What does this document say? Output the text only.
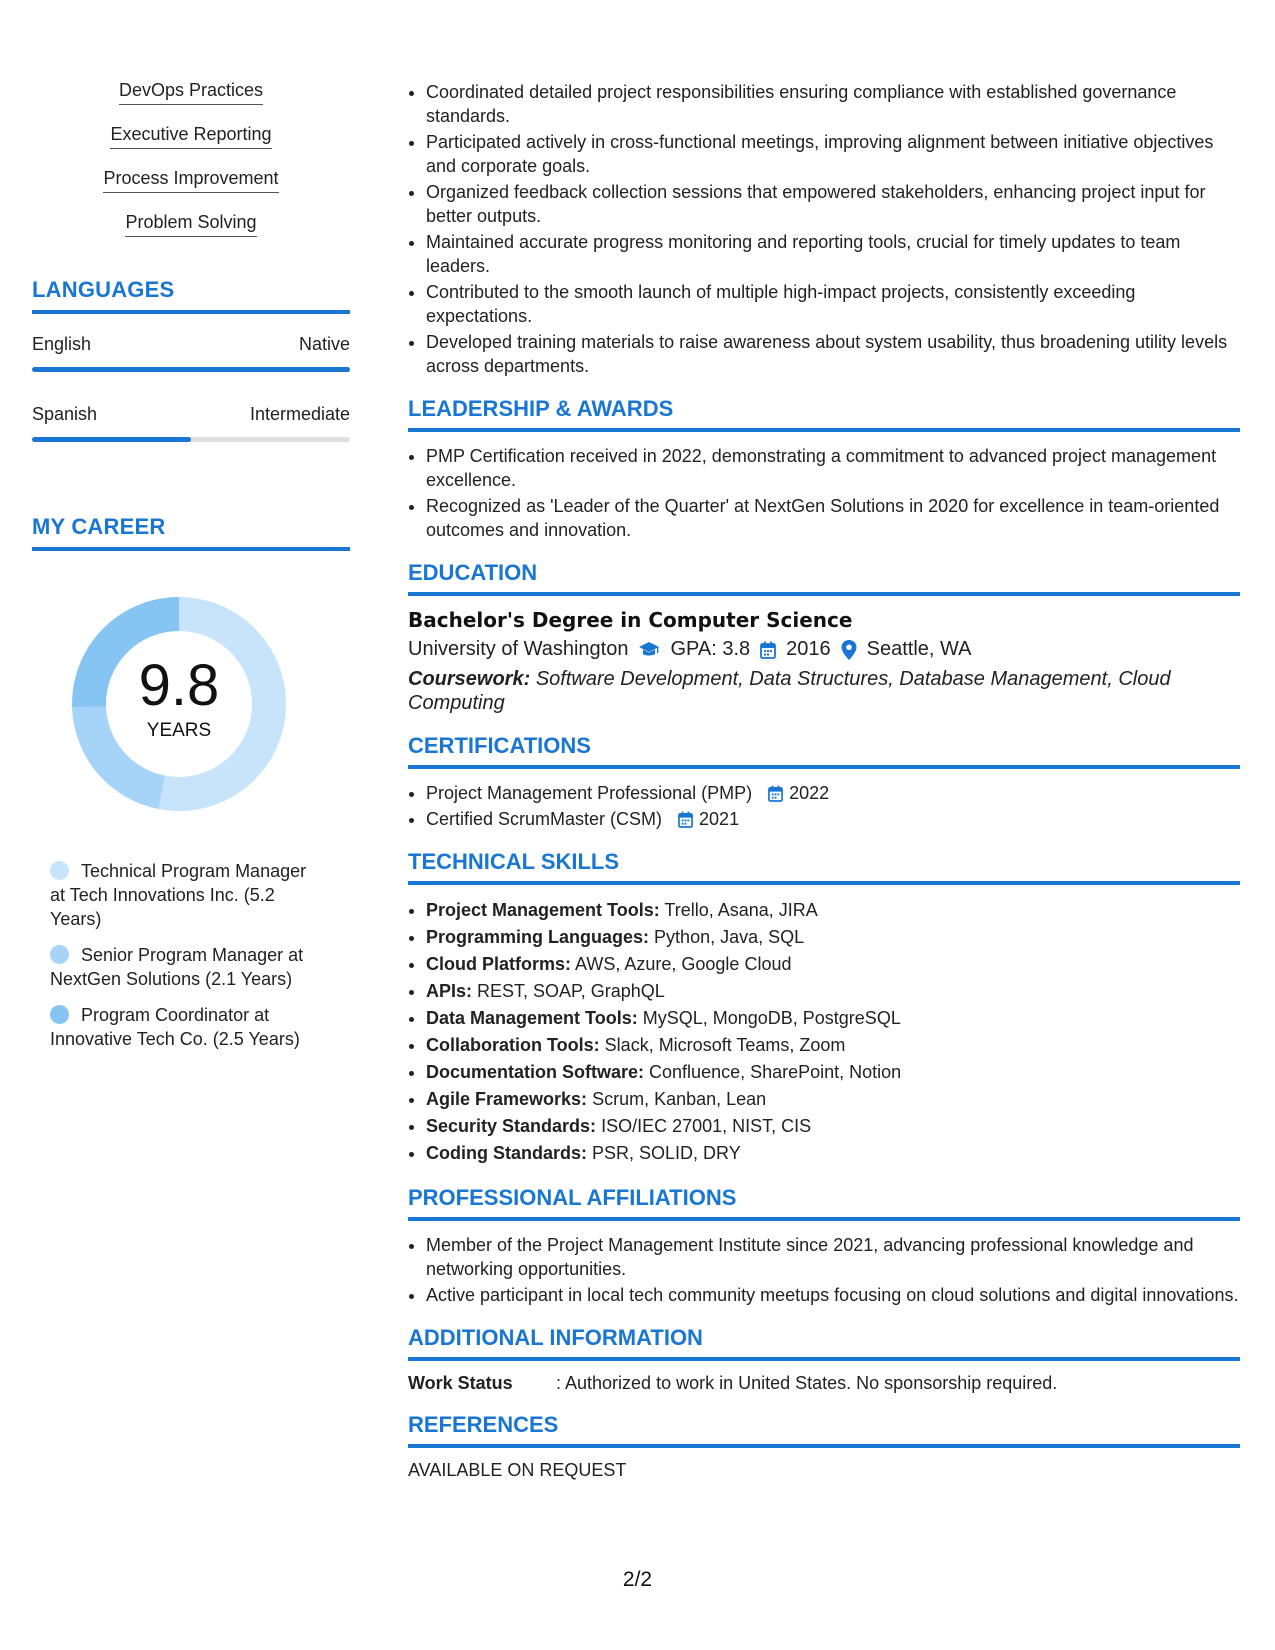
DevOps Practices
Executive Reporting
Process Improvement
Problem Solving
LANGUAGES
English	Native
Spanish	Intermediate
MY CAREER
9.8
YEARS
Technical Program Manager at Tech Innovations Inc. (5.2 Years)
Senior Program Manager at NextGen Solutions (2.1 Years)
Program Coordinator at Innovative Tech Co. (2.5 Years)
• Coordinated detailed project responsibilities ensuring compliance with established governance standards.
• Participated actively in cross-functional meetings, improving alignment between initiative objectives and corporate goals.
• Organized feedback collection sessions that empowered stakeholders, enhancing project input for better outputs.
• Maintained accurate progress monitoring and reporting tools, crucial for timely updates to team leaders.
• Contributed to the smooth launch of multiple high-impact projects, consistently exceeding expectations.
• Developed training materials to raise awareness about system usability, thus broadening utility levels across departments.
LEADERSHIP & AWARDS
• PMP Certification received in 2022, demonstrating a commitment to advanced project management excellence.
• Recognized as 'Leader of the Quarter' at NextGen Solutions in 2020 for excellence in team-oriented outcomes and innovation.
EDUCATION
Bachelor's Degree in Computer Science
University of Washington GPA: 3.8 2016 Seattle, WA
Coursework: Software Development, Data Structures, Database Management, Cloud Computing
CERTIFICATIONS
• Project Management Professional (PMP) 2022
• Certified ScrumMaster (CSM) 2021
TECHNICAL SKILLS
• Project Management Tools: Trello, Asana, JIRA
• Programming Languages: Python, Java, SQL
• Cloud Platforms: AWS, Azure, Google Cloud
• APIs: REST, SOAP, GraphQL
• Data Management Tools: MySQL, MongoDB, PostgreSQL
• Collaboration Tools: Slack, Microsoft Teams, Zoom
• Documentation Software: Confluence, SharePoint, Notion
• Agile Frameworks: Scrum, Kanban, Lean
• Security Standards: ISO/IEC 27001, NIST, CIS
• Coding Standards: PSR, SOLID, DRY
PROFESSIONAL AFFILIATIONS
• Member of the Project Management Institute since 2021, advancing professional knowledge and networking opportunities.
• Active participant in local tech community meetups focusing on cloud solutions and digital innovations.
ADDITIONAL INFORMATION
Work Status	: Authorized to work in United States. No sponsorship required.
REFERENCES
AVAILABLE ON REQUEST
2/2
